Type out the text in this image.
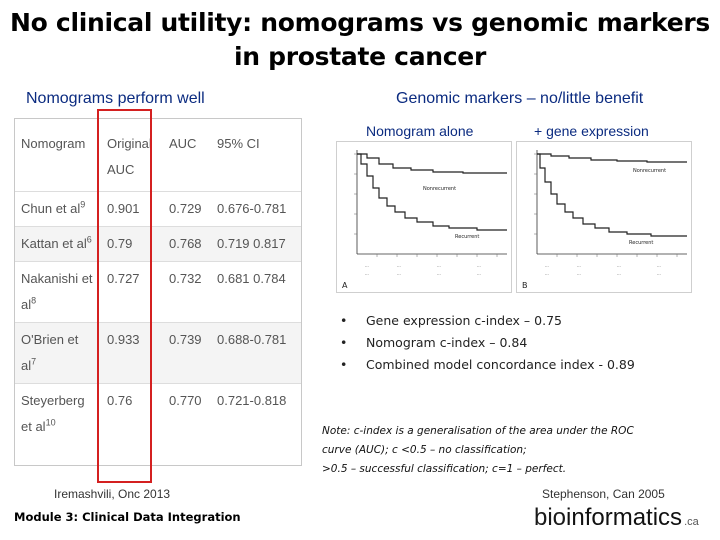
No clinical utility: nomograms vs genomic markers
in prostate cancer
Nomograms perform well	Genomic markers – no/little benefit
Nomogram	Original AUC	AUC	95% CI
Chun et $al^9$	0.901	0.729	0.676-0.781
Kattan et $al^6$	0.79	0.768	0.719 0.817
Nakanishi et $al^8$	0.727	0.732	0.681 0.784
O'Brien et $al^7$	0.933	0.739	0.688-0.781
Steyerberg et $al^{10}$	0.76	0.770	0.721-0.818
Iremashvili, Onc 2013
Nomogram alone	+ gene expression
Nonrecurrent
Recurrent
···	···	···	···
···	···	···	···
A
Nonrecurrent
Recurrent
···	···	···	···
···	···	···	···
B
• Gene expression c-index – 0.75
• Nomogram c-index – 0.84
• Combined model concordance index - 0.89
Note: c-index is a generalisation of the area under the ROC
curve (AUC); c <0.5 – no classification;
>0.5 – successful classification; c=1 – perfect.
Stephenson, Can 2005
Module 3: Clinical Data Integration	bioinformatics .ca
